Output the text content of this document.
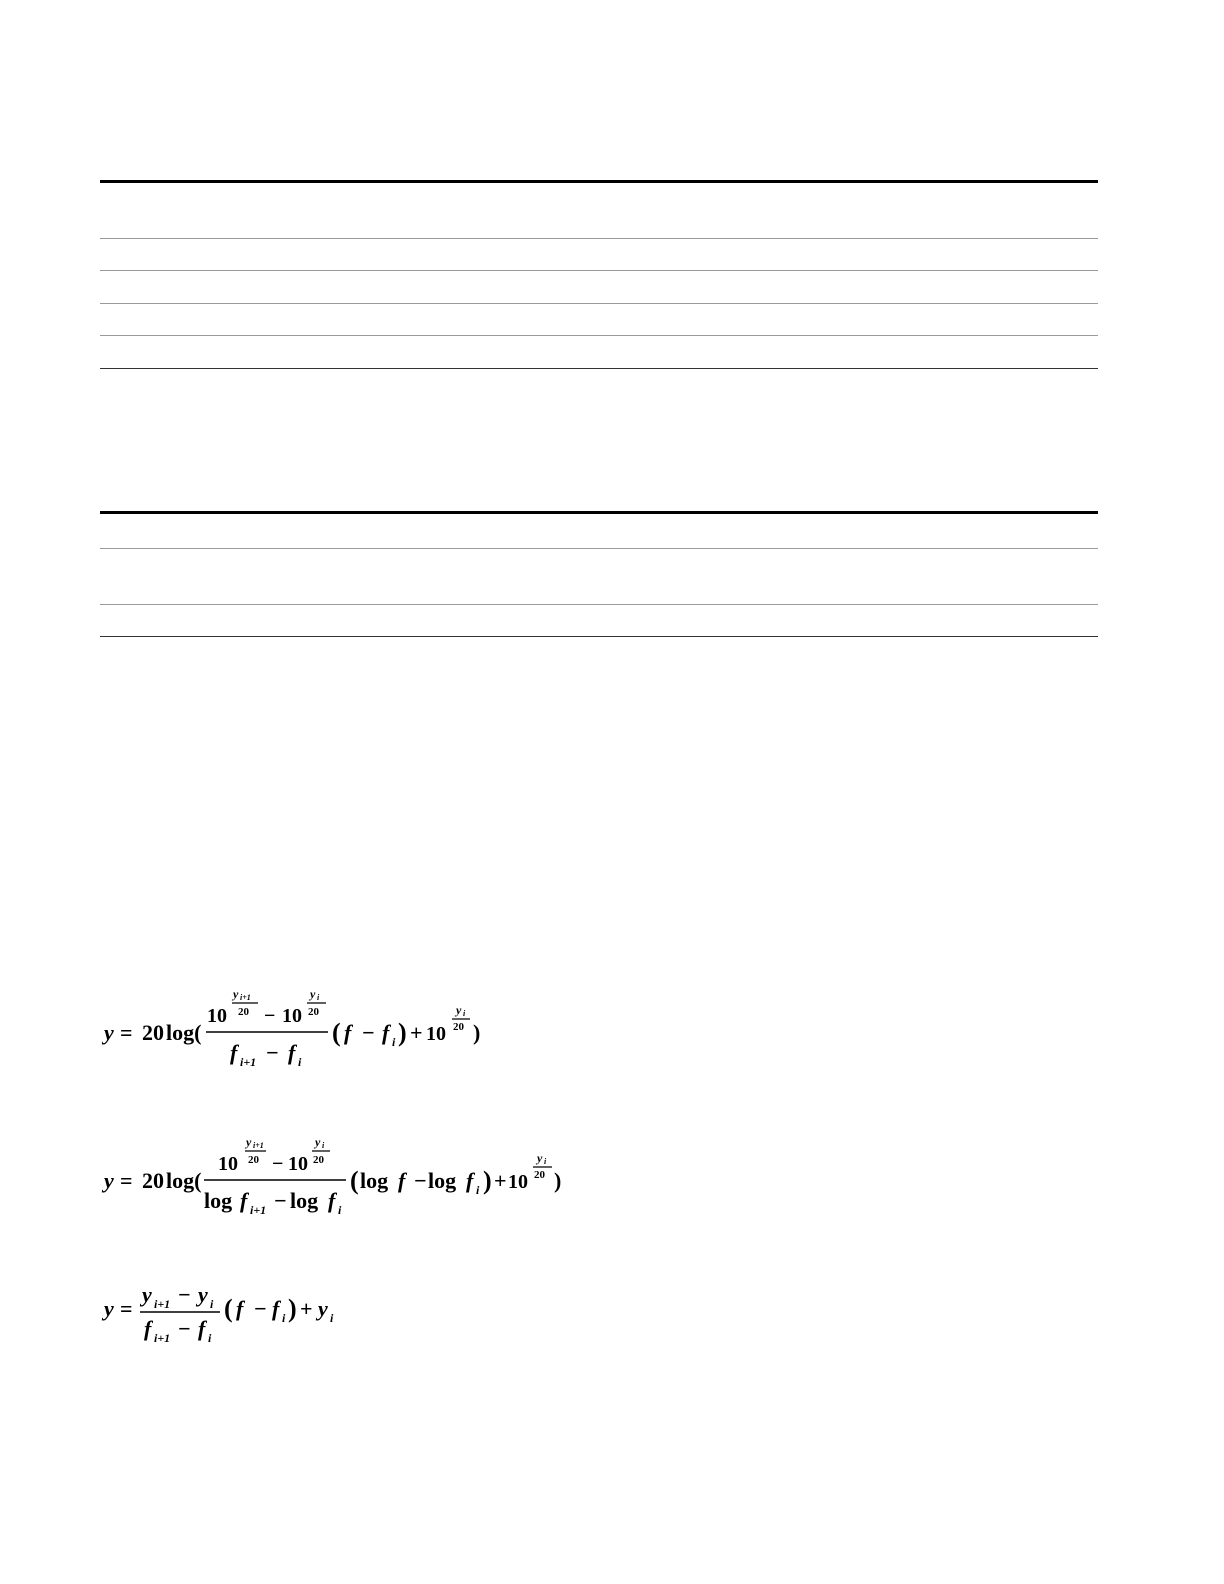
y = 20 log(
10
y i+1
20 − 10
y i
20
f i+1 − f i
( f − f i ) + 10
y i
20 )
y = 20 log(
10
y i+1
20 − 10
y i
20
log f i+1 − log f i
( log f − log f i ) + 10
y i
20 )
y =
y i+1 − y i
f i+1 − f i
( f − f i ) + y i
